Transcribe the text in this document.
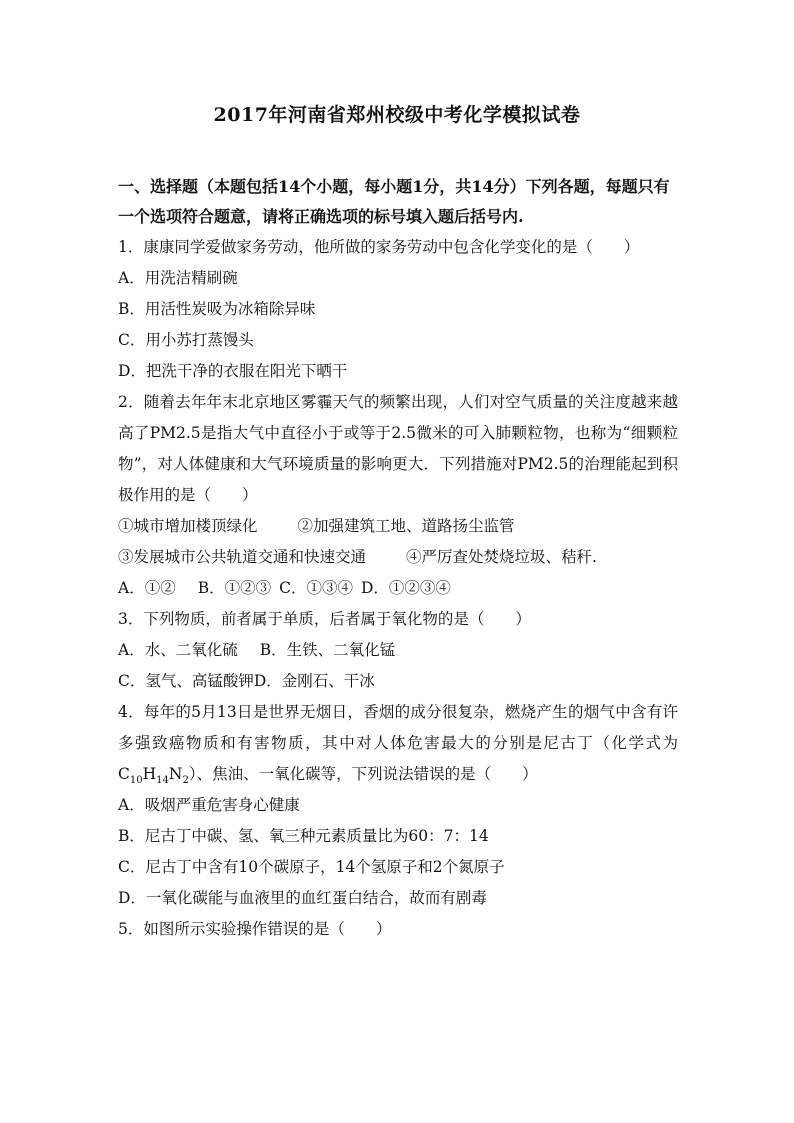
2017年河南省郑州校级中考化学模拟试卷
一、选择题（本题包括14个小题，每小题1分，共14分）下列各题，每题只有一个选项符合题意，请将正确选项的标号填入题后括号内.
1．康康同学爱做家务劳动，他所做的家务劳动中包含化学变化的是（　　）
A．用洗洁精刷碗
B．用活性炭吸为冰箱除异味
C．用小苏打蒸馒头
D．把洗干净的衣服在阳光下晒干
2．随着去年年末北京地区雾霾天气的频繁出现，人们对空气质量的关注度越来越高了PM2.5是指大气中直径小于或等于2.5微米的可入肺颗粒物，也称为“细颗粒物”，对人体健康和大气环境质量的影响更大．下列措施对PM2.5的治理能起到积极作用的是（　　）
①城市增加楼顶绿化	②加强建筑工地、道路扬尘监管
③发展城市公共轨道交通和快速交通	④严厉查处焚烧垃圾、秸秆.
A．①② B．①②③ C．①③④ D．①②③④
3．下列物质，前者属于单质，后者属于氧化物的是（　　）
A．水、二氧化硫 B．生铁、二氧化锰
C．氢气、高锰酸钾D．金刚石、干冰
4．每年的5月13日是世界无烟日，香烟的成分很复杂，燃烧产生的烟气中含有许多强致癌物质和有害物质，其中对人体危害最大的分别是尼古丁（化学式为$C_{10}H_{14}N_2$）、焦油、一氧化碳等，下列说法错误的是（　　）
A．吸烟严重危害身心健康
B．尼古丁中碳、氢、氧三种元素质量比为60：7：14
C．尼古丁中含有10个碳原子，14个氢原子和2个氮原子
D．一氧化碳能与血液里的血红蛋白结合，故而有剧毒
5．如图所示实验操作错误的是（　　）
